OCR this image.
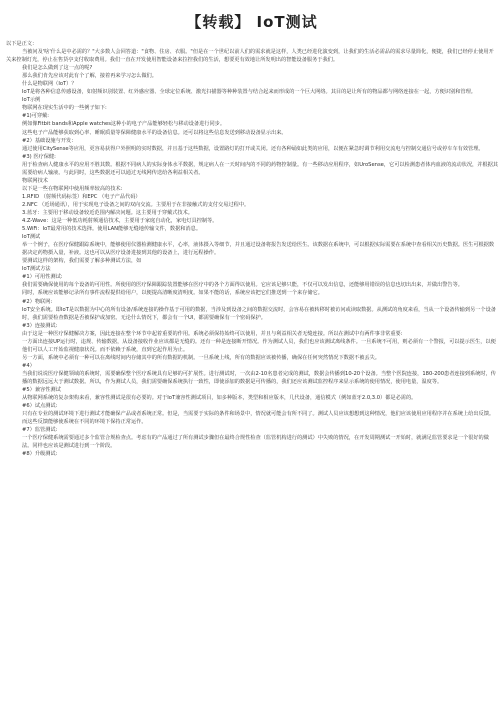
【转载】 IoT测试

以下是正文：

当被问及'啥'什么是中必需的？"大多数人会回答道："食物、住房、衣服。"但是在一个世纪以前人们的需求就是这样，人类已经进化演变到，让我们的生活必需品的需求尽量简化，便捷，我们已经停止使用开关来控制灯光，停止在售货亭支付收取费用。我们一直在开发使用智能设备来拉控我们的生活，想要更有效地让所发明出的智能设备服务于我们。

我们是怎么做到了这一点的呢?

那么我们肯先应该对此有个了解，接着再来学习怎么做们。

什么是物联网（IoT）？

IoT是将各种信息传感设备，如射频识别装置、红外感应器、全球定位系统、激光扫描器等种种装置与结合起来而形成的一个巨大网络。其目的是让所有的物品都与网络连接在一起，方便识别和管理。

IoT示例

物联网在现实生活中的一些例子如下:

#1)可穿戴:

例如像Fitbit bands和Apple watches这种小的电子产品能够轻松与移动设备进行同步。

这些电子产品能够获取到心率、睡眠质量等保障健康水平的设备信息。还可以将这些信息发送到移动设备显示出来。

#2）基础设施与开发：

通过使用CitySense等应用，更容易获得户外照明的实时数据，并且基于这些数据，设置路灯的打开或关闭。还有各种诵如此类的应用，以便在紧急时调节利用交流电与控制交通信号或停车车有效管理。

#3) 医疗保健:

用于检查病人健康水平的应用不胜其数。根据不同病人的实际身体水平数据，规定病人在一天时间内的不同的药物控制量。有一些移动应用程序，如UroSense，它可以检测患者体内血液的流动状况，并根据其需要给病人输液。与此同时，这些数据还可以通过无线网传送给各利益相关者。

物联网技术

以下是一些在物联网中使用频率较高的技术:

1.RFID （射频代码标签）和EPC （电子产品代码）

2.NFC （近场通讯），用于实现电子设备之间的双向交流。主要用于在非接触式的支付交易过程中。

3.蓝牙：主要用于移动设备较近范围内解决问题。这主要用于穿戴式技术。

4.Z-Wave：这是一种低功耗射频通信技术，主要用于家庭自动化，家电灯具控制等。

5.WiFi：IoT最常用的技术选择。使用LAN能够无缝地传输文件，数据和消息。

IoT测试

举一个例子，在医疗保健跟踪系统中，能够使用仪器检测健康水平，心率，液体摄入等细节，并且通过设备将报告发送给医生。该数据在系统中，可以根据实际需要在系统中查看相关历史数据。医生可根据数据决定药物摄入量，补液。这也可以从医疗设备进接到其他的设备上，进行远程操作。

要测试这样的架构，我们需要了解多种测试方法，如

IoT测试方法

#1）可用性测试:

我们需要确保使用的每个设备的可用性。所使用的医疗保障跟踪装置能够在医疗中的各个方面得以使用。它应该足够只能，不仅可以发出信息，还能够用错误的信息也切出出来，并做出警告等。

同时，系统应该能够记录所有事件流程提供给用户，以便提高清晰度清明度。如果不能的话，系统应该把它们推送到一个来存储它。

#2）物联网:

IoT安全系统。即IoT是以数据为中心的所有设备/系统连接的操作基于可用的数据，当涉及到设备之间的数据交流时，会容易在被转移时被访问或读取数据。从测试的角度来看，当从一个设备传输到另一个设备时，我们需要检查数据是否被保护或加密。无论什么情况下，都会有一个UI，都需要确保有一个密码保护。

#3）连接测试:

由于这是一种医疗保健解决方案，因此连接在整个环节中起着重要的作用。系统必须保持始终可以使用，并且与利益相关者无缝连接。所以在测试中有两件事非常重要:

一方面出连接UP运行时，违规、传输数据，从设备接收作业应该都是无缝的。还有一种是连接断开情况。作为测试人员，我们也应该测试离线条件。一旦系统不可用，则必须有一个警报，可以提示医生，以便他们可以人工开始监视健康状况。而不依赖于系统，直到它起作用为止。

另一方面，系统中必须有一种可以在离线时间内存储其中的所有数据的机制。一旦系统上线，所有的数据应该被传播，确保在任何突然情况下数据不被丢失。

#4）

当我们说说医疗保健领域的系统时，需要确保整个医疗系统具有足够的可扩展性。进行测试时，一次由2-10名患者完成的测试，数据会传播到10-20个设备。当整个医院连接，180-200患者连接到系统时，传播的数据远远大于测试数据。所以，作为测试人员，我们需要确保系统执行一致性，即使添加的数据是可传播的，我们还应该测试监控程序来显示系统的使用情况，使用电量，温度等。

#5）兼容性测试

从物联网系统的复杂架构来看，兼容性测试是很有必要的。对于IoT兼容性测试项目，如多种版本，类型和相应版本，几代设备，通信模式（例如蓝牙2.0,3.0）都是必需的。

#6）试点测试:

只有在专业的测试环境下进行测试才能确保产品或者系统正常。但是，当需要于实际的条件和场景中，情况就可能会有所不同了。测试人员应该想想到这种情况，他们应该使用应用程序并在系统上给出反馈。而这些反馈能够使系统在不同的环境下保持正常运作。

#7）监管测试:

一个医疗保健系统需要通过多个监管合规检查点。考虑有的产品通过了所有测试步骤但在最终合规性检查（监管机构进行的测试）中失败的情况，在开发周期测试一开始时，就满足监管要求是一个很好的做法。同样也应该是测试进行到一个阶段。

#8）升级测试:
